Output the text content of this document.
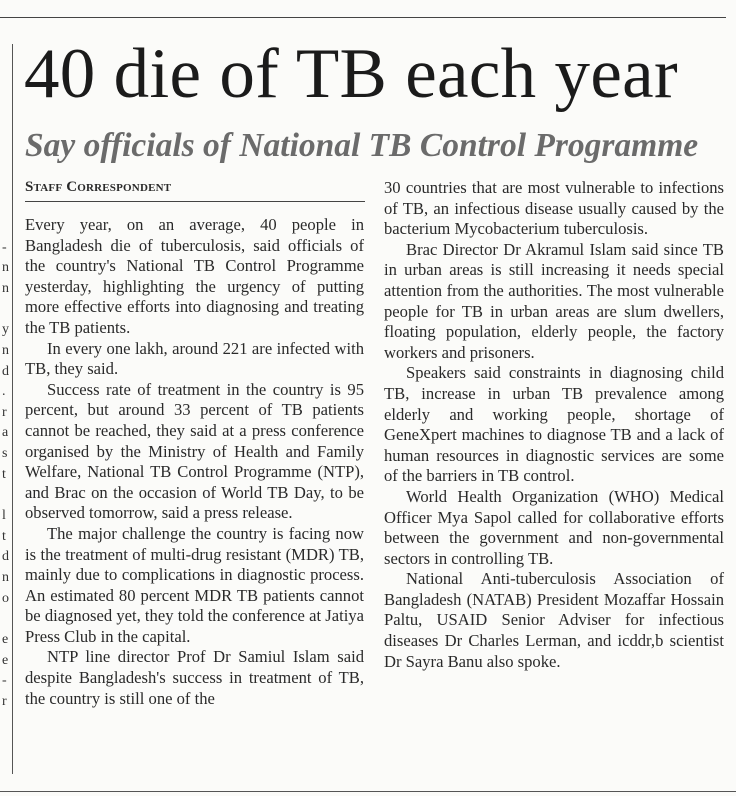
-
n
n
y
n
d
.
r
a
s
t
l
t
d
n
o
e
e
-
r
40 die of TB each year
Say officials of National TB Control Programme
Staff Correspondent

Every year, on an average, 40 people in Bangladesh die of tuberculosis, said officials of the country's National TB Control Programme yesterday, highlighting the urgency of putting more effective efforts into diagnosing and treating the TB patients.

In every one lakh, around 221 are infected with TB, they said.

Success rate of treatment in the country is 95 percent, but around 33 percent of TB patients cannot be reached, they said at a press conference organised by the Ministry of Health and Family Welfare, National TB Control Programme (NTP), and Brac on the occasion of World TB Day, to be observed tomorrow, said a press release.

The major challenge the country is facing now is the treatment of multi-drug resistant (MDR) TB, mainly due to complications in diagnostic process. An estimated 80 percent MDR TB patients cannot be diagnosed yet, they told the conference at Jatiya Press Club in the capital.

NTP line director Prof Dr Samiul Islam said despite Bangladesh's success in treatment of TB, the country is still one of the

30 countries that are most vulnerable to infections of TB, an infectious disease usually caused by the bacterium Mycobacterium tuberculosis.

Brac Director Dr Akramul Islam said since TB in urban areas is still increasing it needs special attention from the authorities. The most vulnerable people for TB in urban areas are slum dwellers, floating population, elderly people, the factory workers and prisoners.

Speakers said constraints in diagnosing child TB, increase in urban TB prevalence among elderly and working people, shortage of GeneXpert machines to diagnose TB and a lack of human resources in diagnostic services are some of the barriers in TB control.

World Health Organization (WHO) Medical Officer Mya Sapol called for collaborative efforts between the government and non-governmental sectors in controlling TB.

National Anti-tuberculosis Association of Bangladesh (NATAB) President Mozaffar Hossain Paltu, USAID Senior Adviser for infectious diseases Dr Charles Lerman, and icddr,b scientist Dr Sayra Banu also spoke.
